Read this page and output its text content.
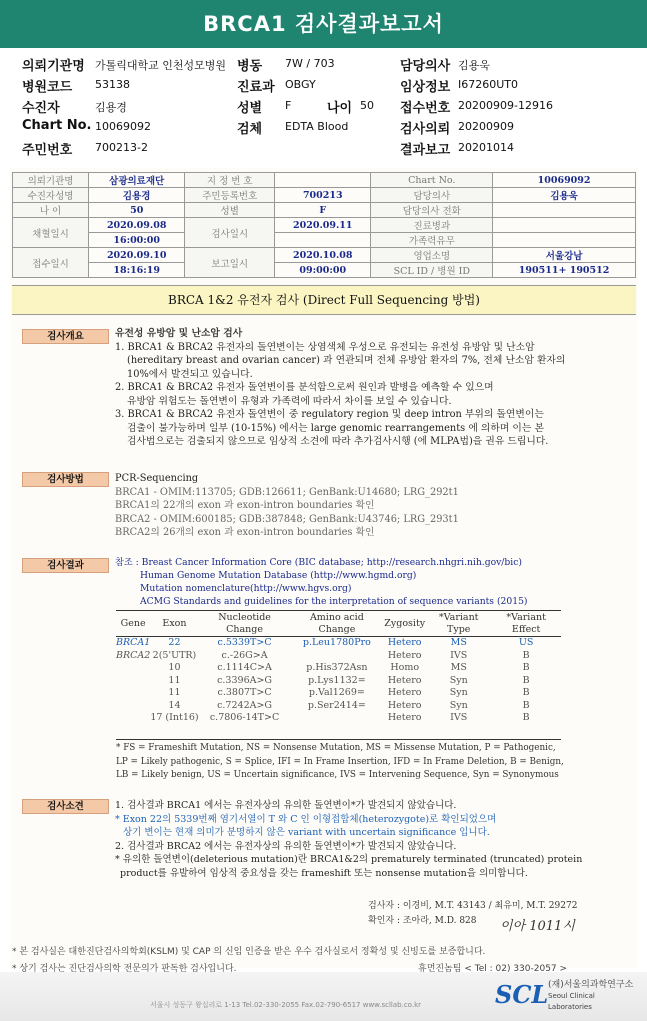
BRCA1 검사결과보고서
의뢰기관명 가톨릭대학교 인천성모병원 병동 7W / 703	담당의사 김용욱
병원코드 53138	진료과 OBGY	임상정보 I67260UT0
수진자	김용경	성별 F	나이 50 접수번호 20200909-12916
Chart No. 10069092	검체 EDTA Blood	검사의뢰 20200909
주민번호 700213-2	결과보고 20201014
의뢰기관명	삼광의료재단	지 정 번 호		Chart No.	10069092
수진자성명	김용경	주민등록번호	700213	담당의사	김용욱
나 이	50	성별	F	담당의사 전화	
채혈일시	2020.09.08	검사일시	2020.09.11	진료병과	
	16:00:00			가족력유무	
접수일시	2020.09.10	보고일시	2020.10.08	영업소명	서울강남
	18:16:19		09:00:00	SCL ID / 병원 ID	190511+ 190512
BRCA 1&2 유전자 검사 (Direct Full Sequencing 방법)
검사개요	유전성 유방암 및 난소암 검사
1. BRCA1 & BRCA2 유전자의 돌연변이는 상염색체 우성으로 유전되는 유전성 유방암 및 난소암
(hereditary breast and ovarian cancer) 과 연관되며 전체 유방암 환자의 7%, 전체 난소암 환자의
10%에서 발견되고 있습니다.
2. BRCA1 & BRCA2 유전자 돌연변이를 분석함으로써 원인과 발병을 예측할 수 있으며
유방암 위험도는 돌연변이 유형과 가족력에 따라서 차이를 보일 수 있습니다.
3. BRCA1 & BRCA2 유전자 돌연변이 중 regulatory region 및 deep intron 부위의 돌연변이는
검출이 불가능하며 일부 (10-15%) 에서는 large genomic rearrangements 에 의하며 이는 본
검사법으로는 검출되지 않으므로 임상적 소견에 따라 추가검사시행 (에 MLPA법)을 권유 드립니다.
검사방법	PCR-Sequencing
BRCA1 - OMIM:113705; GDB:126611; GenBank:U14680; LRG_292t1
BRCA1의 22개의 exon 과 exon-intron boundaries 확인
BRCA2 - OMIM:600185; GDB:387848; GenBank:U43746; LRG_293t1
BRCA2의 26개의 exon 과 exon-intron boundaries 확인
검사결과	참조 : Breast Cancer Information Core (BIC database; http://research.nhgri.nih.gov/bic)
Human Genome Mutation Database (http://www.hgmd.org)
Mutation nomenclature(http://www.hgvs.org)
ACMG Standards and guidelines for the interpretation of sequence variants (2015)
Gene	Exon	Nucleotide Change	Amino acid Change	Zygosity	*Variant Type	*Variant Effect
BRCA1	22	c.5339T>C	p.Leu1780Pro	Hetero	MS	US
BRCA2	2(5'UTR)	c.-26G>A		Hetero	IVS	B
	10	c.1114C>A	p.His372Asn	Homo	MS	B
	11	c.3396A>G	p.Lys1132=	Hetero	Syn	B
	11	c.3807T>C	p.Val1269=	Hetero	Syn	B
	14	c.7242A>G	p.Ser2414=	Hetero	Syn	B
	17 (Int16)	c.7806-14T>C		Hetero	IVS	B
* FS = Frameshift Mutation, NS = Nonsense Mutation, MS = Missense Mutation, P = Pathogenic,
LP = Likely pathogenic, S = Splice, IFI = In Frame Insertion, IFD = In Frame Deletion, B = Benign,
LB = Likely benign, US = Uncertain significance, IVS = Intervening Sequence, Syn = Synonymous
검사소견	1. 검사결과 BRCA1 에서는 유전자상의 유의한 돌연변이*가 발견되지 않았습니다.
* Exon 22의 5339번째 염기서열이 T 와 C 인 이형접합체(heterozygote)로 확인되었으며
상기 변이는 현재 의미가 분명하지 않은 variant with uncertain significance 입니다.
2. 검사결과 BRCA2 에서는 유전자상의 유의한 돌연변이*가 발견되지 않았습니다.
* 유의한 돌연변이(deleterious mutation)란 BRCA1&2의 prematurely terminated (truncated) protein
product를 유발하여 임상적 중요성을 갖는 frameshift 또는 nonsense mutation을 의미합니다.
검사자 : 이경비, M.T. 43143 / 최유미, M.T. 29272
확인자 : 조아라, M.D. 828 이아 1011시
* 본 검사실은 대한진단검사의학회(KSLM) 및 CAP 의 신임 인증을 받은 우수 검사실로서 정확성 및 신빙도를 보증합니다.
* 상기 검사는 진단검사의학 전문의가 판독한 검사입니다.	휴먼진놈팀 < Tel : 02) 330-2057 >
서울시 성동구 왕십리로 1-13 Tel.02-330-2055 Fax.02-790-6517 www.scllab.co.kr	SCL (재)서울의과학연구소
Seoul Clinical Laboratories
